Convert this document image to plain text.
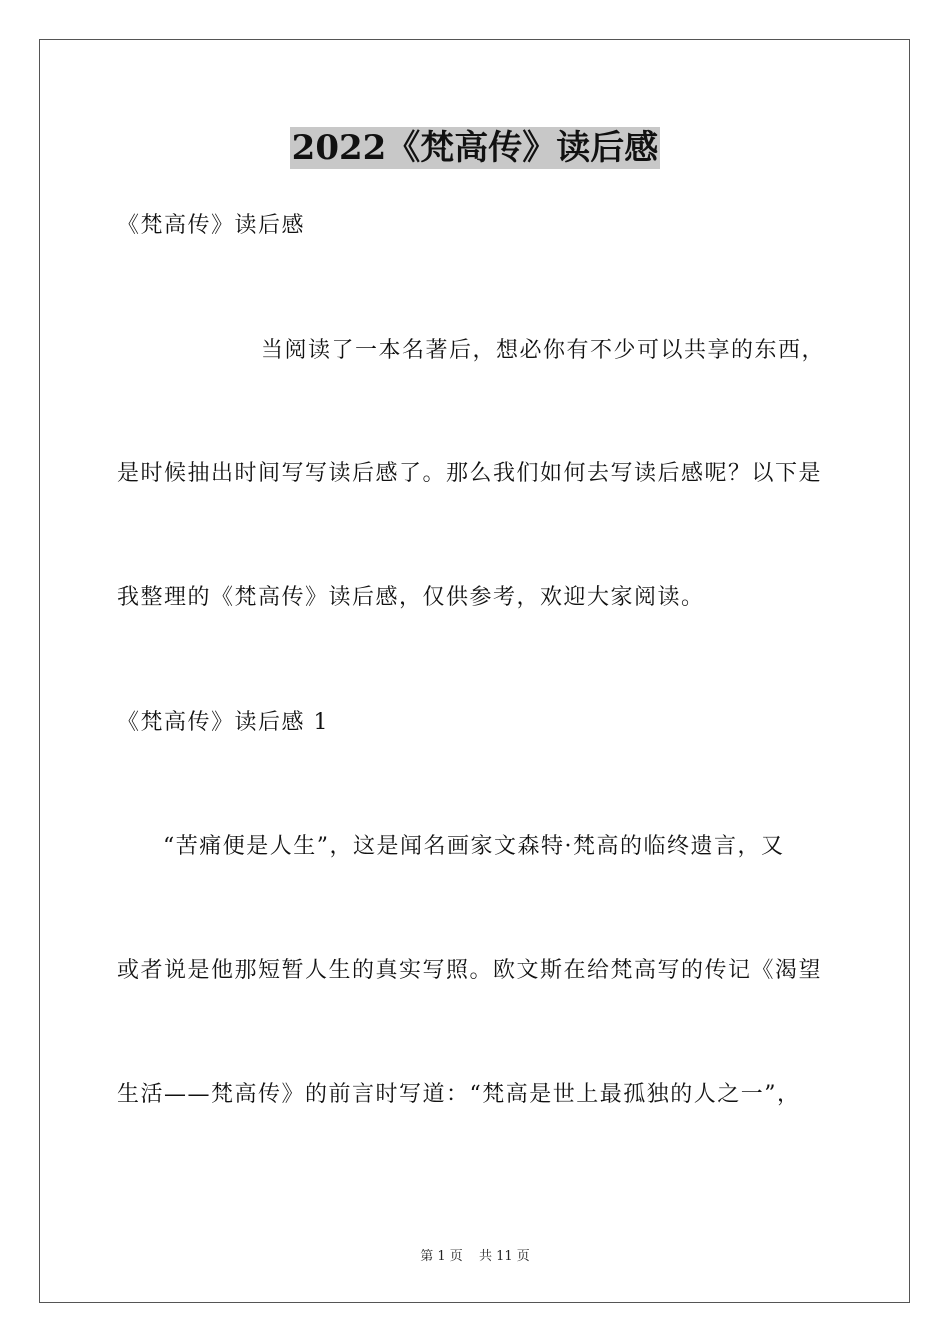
2022《梵高传》读后感
《梵高传》读后感
当阅读了一本名著后，想必你有不少可以共享的东西，
是时候抽出时间写写读后感了。那么我们如何去写读后感呢？以下是
我整理的《梵高传》读后感，仅供参考，欢迎大家阅读。
《梵高传》读后感 1
“苦痛便是人生”，这是闻名画家文森特·梵高的临终遗言，又
或者说是他那短暂人生的真实写照。欧文斯在给梵高写的传记《渴望
生活——梵高传》的前言时写道：“梵高是世上最孤独的人之一”，
第 1 页 共 11 页
